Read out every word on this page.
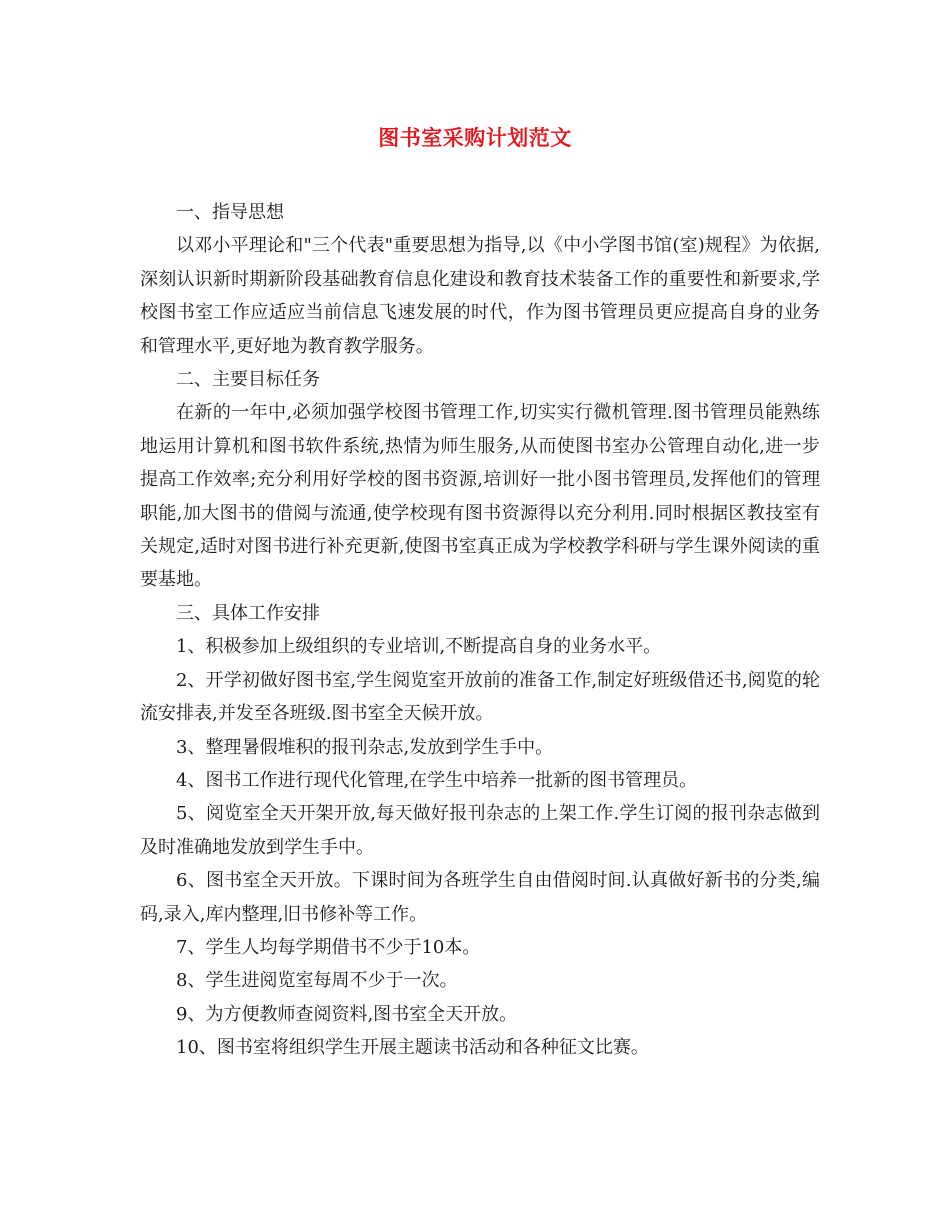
图书室采购计划范文

一、指导思想

以邓小平理论和"三个代表"重要思想为指导,以《中小学图书馆(室)规程》为依据,深刻认识新时期新阶段基础教育信息化建设和教育技术装备工作的重要性和新要求,学校图书室工作应适应当前信息飞速发展的时代，作为图书管理员更应提高自身的业务和管理水平,更好地为教育教学服务。

二、主要目标任务

在新的一年中,必须加强学校图书管理工作,切实实行微机管理.图书管理员能熟练地运用计算机和图书软件系统,热情为师生服务,从而使图书室办公管理自动化,进一步提高工作效率;充分利用好学校的图书资源,培训好一批小图书管理员,发挥他们的管理职能,加大图书的借阅与流通,使学校现有图书资源得以充分利用.同时根据区教技室有关规定,适时对图书进行补充更新,使图书室真正成为学校教学科研与学生课外阅读的重要基地。

三、具体工作安排

1、积极参加上级组织的专业培训,不断提高自身的业务水平。

2、开学初做好图书室,学生阅览室开放前的准备工作,制定好班级借还书,阅览的轮流安排表,并发至各班级.图书室全天候开放。

3、整理暑假堆积的报刊杂志,发放到学生手中。

4、图书工作进行现代化管理,在学生中培养一批新的图书管理员。

5、阅览室全天开架开放,每天做好报刊杂志的上架工作.学生订阅的报刊杂志做到及时准确地发放到学生手中。

6、图书室全天开放。下课时间为各班学生自由借阅时间.认真做好新书的分类,编码,录入,库内整理,旧书修补等工作。

7、学生人均每学期借书不少于10本。

8、学生进阅览室每周不少于一次。

9、为方便教师查阅资料,图书室全天开放。

10、图书室将组织学生开展主题读书活动和各种征文比赛。
